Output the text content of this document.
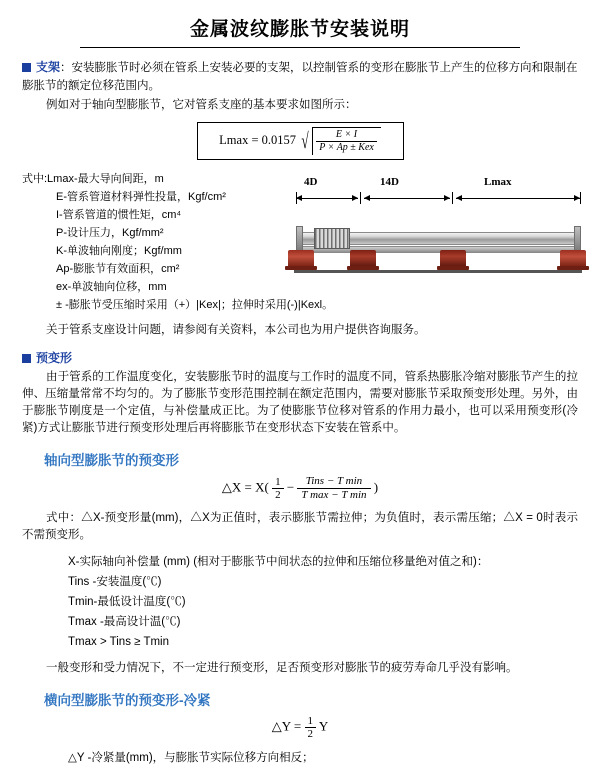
金属波纹膨胀节安装说明
支架：安装膨胀节时必须在管系上安装必要的支架，以控制管系的变形在膨胀节上产生的位移方向和限制在膨胀节的额定位移范围内。
例如对于轴向型膨胀节，它对管系支座的基本要求如图所示：
Lmax = 0.0157 √ $\frac{E \times I}{\text{P × Ap ± Kex}}$
式中:Lmax-最大导向间距，m
E-管系管道材料弹性投量，Kgf/cm²
I-管系管道的惯性矩，cm⁴
P-设计压力，Kgf/mm²
K-单波轴向刚度；Kgf/mm
Ap-膨胀节有效面积，cm²
ex-单波轴向位移，mm
± -膨胀节受压缩时采用（+）|Kex|；拉伸时采用(-)|Kexl。
4D	14D	Lmax
关于管系支座设计问题，请参阅有关资料，本公司也为用户提供咨询服务。
预变形
由于管系的工作温度变化，安装膨胀节时的温度与工作时的温度不同，管系热膨胀冷缩对膨胀节产生的拉伸、压缩量常常不均匀的。为了膨胀节变形范围控制在额定范围内，需要对膨胀节采取预变形处理。另外，由于膨胀节刚度是一个定值，与补偿量成正比。为了使膨胀节位移对管系的作用力最小，也可以采用预变形(冷紧)方式让膨胀节进行预变形处理后再将膨胀节在变形状态下安装在管系中。
轴向型膨胀节的预变形
△X = $X( \frac{1}{2} - \frac{\text{Tins − T min}}{\text{T max − T min}}$ )
式中：△X-预变形量(mm)，△X为正值时，表示膨胀节需拉伸；为负值时，表示需压缩；△X = 0时表示不需预变形。
X-实际轴向补偿量 (mm) (相对于膨胀节中间状态的拉伸和压缩位移量绝对值之和)：
Tins -安装温度(℃)
Tmin-最低设计温度(℃)
Tmax -最高设计温(℃)
Tmax > Tins ≥ Tmin
一般变形和受力情况下，不一定进行预变形，足否预变形对膨胀节的疲劳寿命几乎没有影响。
横向型膨胀节的预变形-冷紧
△Y = $\frac{1}{2}$ Y
△Y -冷紧量(mm)，与膨胀节实际位移方向相反；
